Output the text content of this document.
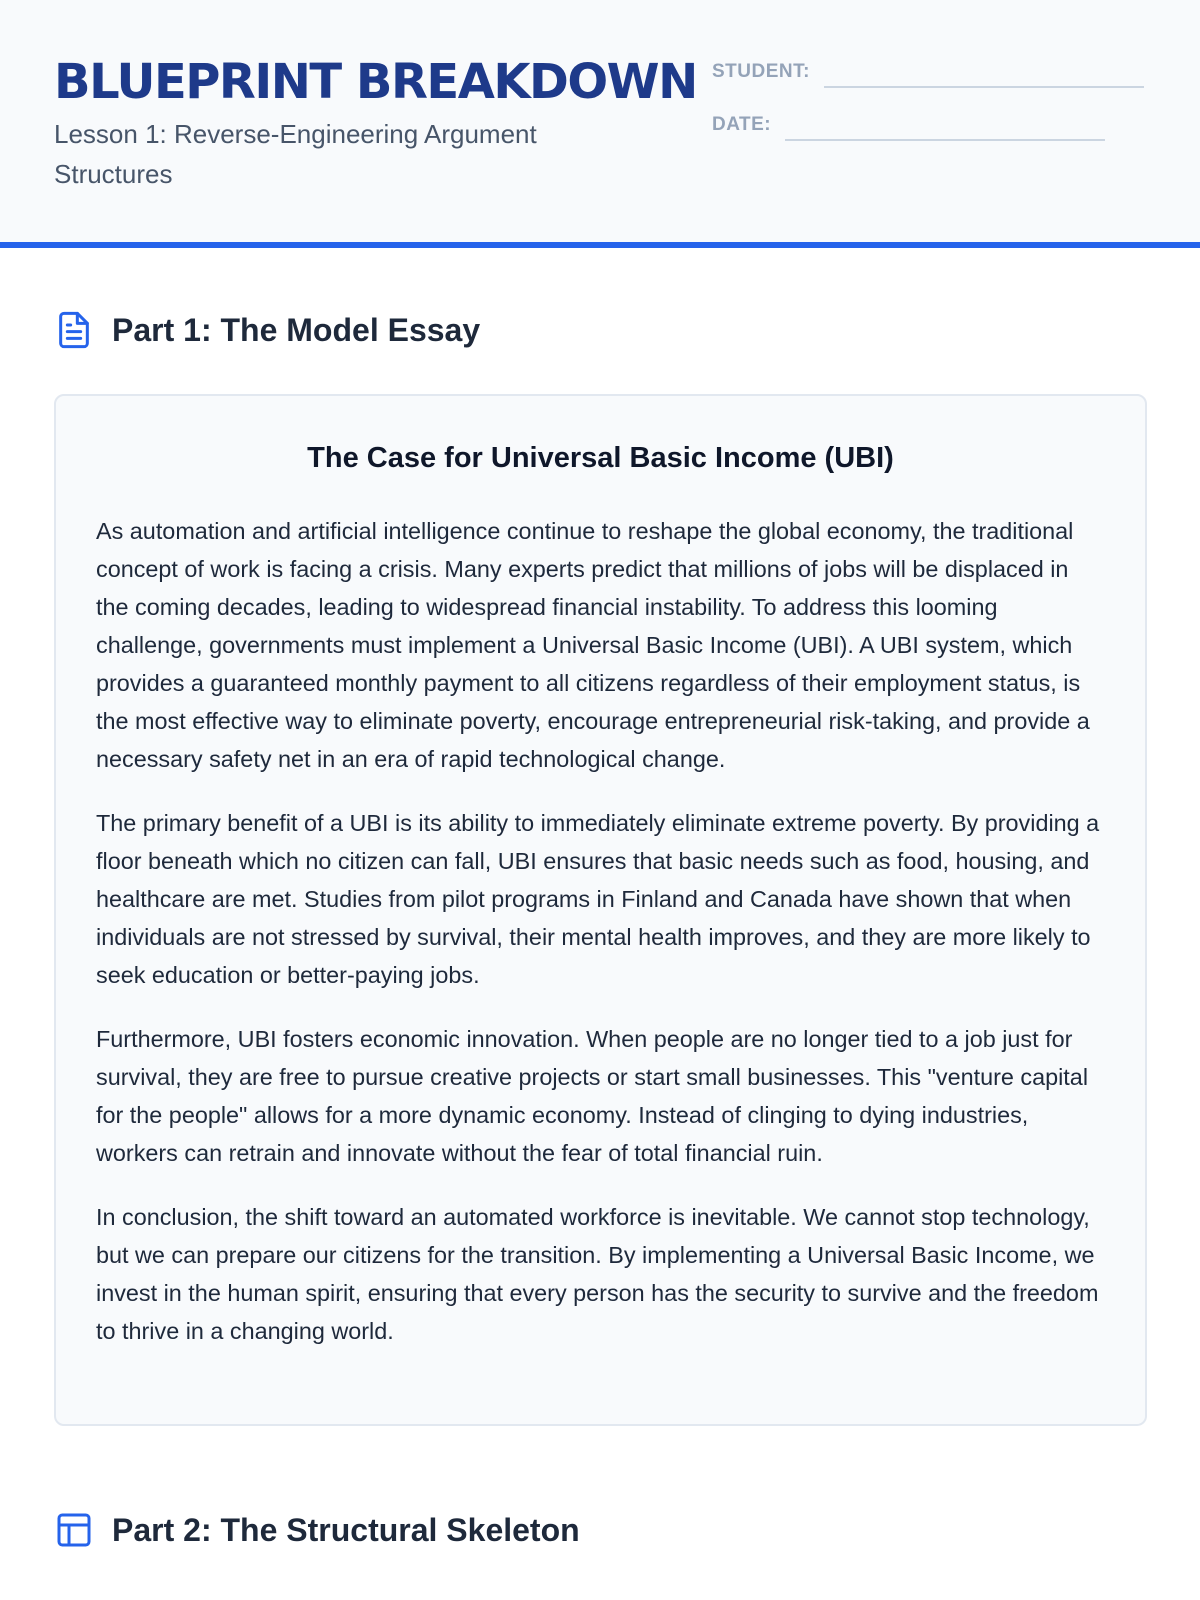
BLUEPRINT BREAKDOWN

Lesson 1: Reverse-Engineering Argument Structures

STUDENT:
DATE:
Part 1: The Model Essay
The Case for Universal Basic Income (UBI)

As automation and artificial intelligence continue to reshape the global economy, the traditional concept of work is facing a crisis. Many experts predict that millions of jobs will be displaced in the coming decades, leading to widespread financial instability. To address this looming challenge, governments must implement a Universal Basic Income (UBI). A UBI system, which provides a guaranteed monthly payment to all citizens regardless of their employment status, is the most effective way to eliminate poverty, encourage entrepreneurial risk-taking, and provide a necessary safety net in an era of rapid technological change.

The primary benefit of a UBI is its ability to immediately eliminate extreme poverty. By providing a floor beneath which no citizen can fall, UBI ensures that basic needs such as food, housing, and healthcare are met. Studies from pilot programs in Finland and Canada have shown that when individuals are not stressed by survival, their mental health improves, and they are more likely to seek education or better-paying jobs.

Furthermore, UBI fosters economic innovation. When people are no longer tied to a job just for survival, they are free to pursue creative projects or start small businesses. This "venture capital for the people" allows for a more dynamic economy. Instead of clinging to dying industries, workers can retrain and innovate without the fear of total financial ruin.

In conclusion, the shift toward an automated workforce is inevitable. We cannot stop technology, but we can prepare our citizens for the transition. By implementing a Universal Basic Income, we invest in the human spirit, ensuring that every person has the security to survive and the freedom to thrive in a changing world.

Part 2: The Structural Skeleton
